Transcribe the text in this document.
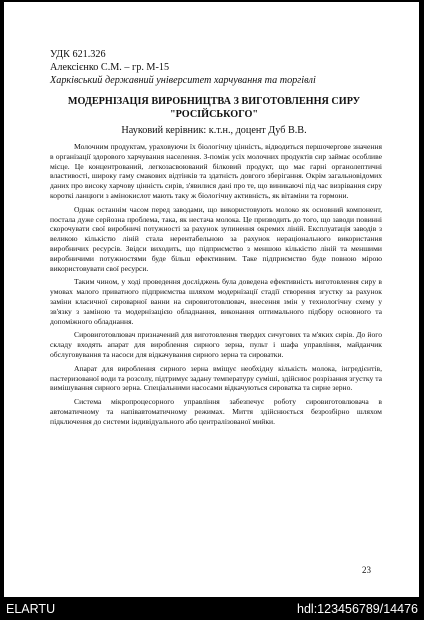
УДК 621.326
Алексієнко С.М. – гр. М-15
Харківський державний університет харчування та торгівлі
МОДЕРНІЗАЦІЯ ВИРОБНИЦТВА З ВИГОТОВЛЕННЯ СИРУ "РОСІЙСЬКОГО"
Науковий керівник: к.т.н., доцент Дуб В.В.

Молочним продуктам, ураховуючи їх біологічну цінність, відводиться першочергове значення в організації здорового харчування населення. З-поміж усіх молочних продуктів сир займає особливе місце. Це концентрований, легкозасвоюваний білковий продукт, що має гарні органолептичні властивості, широку гаму смакових відтінків та здатність довгого зберігання. Окрім загальновідомих даних про високу харчову цінність сирів, з'явилися дані про те, що виникаючі під час визрівання сиру короткі ланцюги з амінокислот мають таку ж біологічну активність, як вітаміни та гормони.

Однак останнім часом перед заводами, що використовують молоко як основний компонент, постала дуже серйозна проблема, така, як нестача молока. Це призводить до того, що заводи повинні скорочувати свої виробничі потужності за рахунок зупинення окремих ліній. Експлуатація заводів з великою кількістю ліній стала нерентабельною за рахунок нераціонального використання виробничих ресурсів. Звідси виходить, що підприємство з меншою кількістю ліній та меншими виробничими потужностями буде більш ефективним. Таке підприємство буде повною мірою використовувати свої ресурси.

Таким чином, у ході проведення досліджень була доведена ефективність виготовлення сиру в умовах малого приватного підприємства шляхом модернізації стадії створення згустку за рахунок заміни класичної сироварної ванни на сировиготовлювач, внесення змін у технологічну схему у зв'язку з заміною та модернізацією обладнання, виконання оптимального підбору основного та допоміжного обладнання.

Сировиготовлювач призначений для виготовлення твердих сичугових та м'яких сирів. До його складу входять апарат для вироблення сирного зерна, пульт і шафа управління, майданчик обслуговування та насоси для відкачування сирного зерна та сироватки.

Апарат для вироблення сирного зерна вміщує необхідну кількість молока, інгредієнтів, пастеризованої води та розсолу, підтримує задану температуру суміші, здійснює розрізання згустку та вимішування сирного зерна. Спеціальними насосами відкачуються сироватка та сирне зерно.

Система мікропроцесорного управління забезпечує роботу сировиготовлювача в автоматичному та напівавтоматичному режимах. Миття здійснюється безрозбірно шляхом підключення до системи індивідуального або централізованої мийки.

23
ELARTU	hdl:123456789/14476
